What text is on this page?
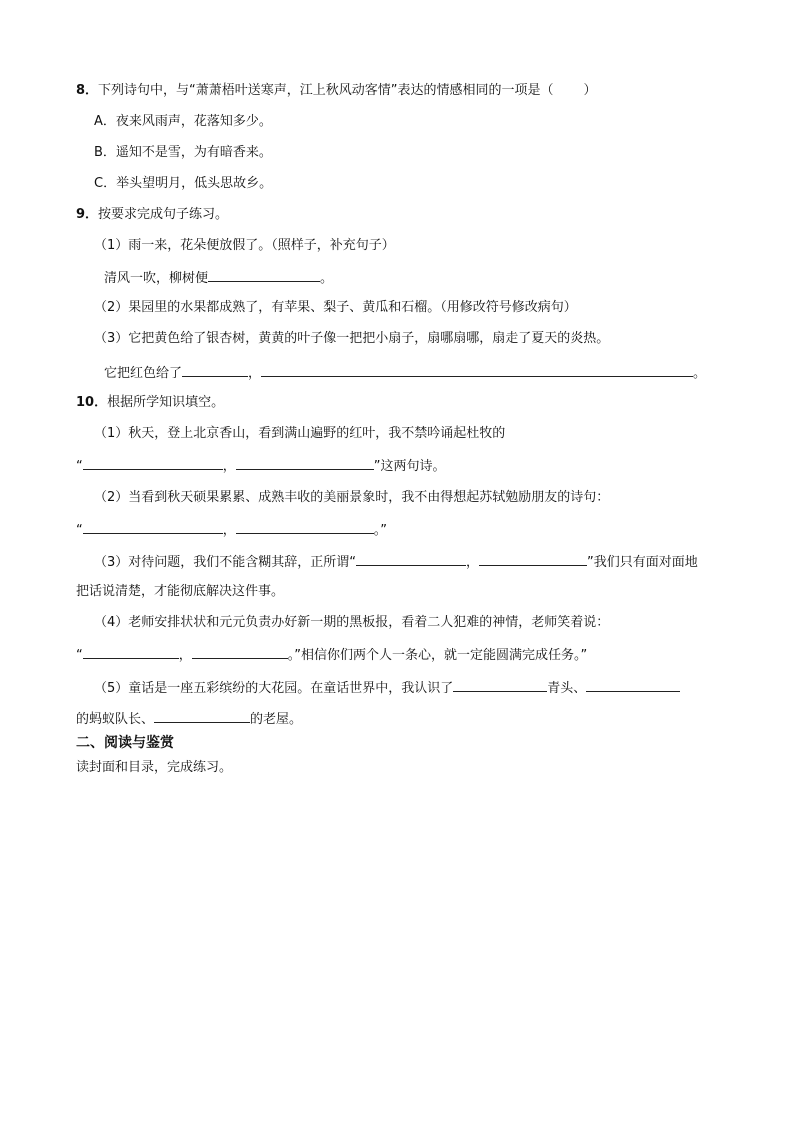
8．下列诗句中，与“萧萧梧叶送寒声，江上秋风动客情”表达的情感相同的一项是（ ）
A．夜来风雨声，花落知多少。
B．遥知不是雪，为有暗香来。
C．举头望明月，低头思故乡。
9．按要求完成句子练习。
（1）雨一来，花朵便放假了。（照样子，补充句子）
清风一吹，柳树便	。
（2）果园里的水果都成熟了，有苹果、梨子、黄瓜和石榴。（用修改符号修改病句）
（3）它把黄色给了银杏树，黄黄的叶子像一把把小扇子，扇哪扇哪，扇走了夏天的炎热。
它把红色给了	，	。
10．根据所学知识填空。
（1）秋天，登上北京香山，看到满山遍野的红叶，我不禁吟诵起杜牧的
“	，	”这两句诗。
（2）当看到秋天硕果累累、成熟丰收的美丽景象时，我不由得想起苏轼勉励朋友的诗句：
“	，	。”
（3）对待问题，我们不能含糊其辞，正所谓“	，	”我们只有面对面地
把话说清楚，才能彻底解决这件事。
（4）老师安排状状和元元负责办好新一期的黑板报，看着二人犯难的神情，老师笑着说：
“	，	。”相信你们两个人一条心，就一定能圆满完成任务。”
（5）童话是一座五彩缤纷的大花园。在童话世界中，我认识了	青头、
的蚂蚁队长、	的老屋。
二、阅读与鉴赏
读封面和目录，完成练习。
